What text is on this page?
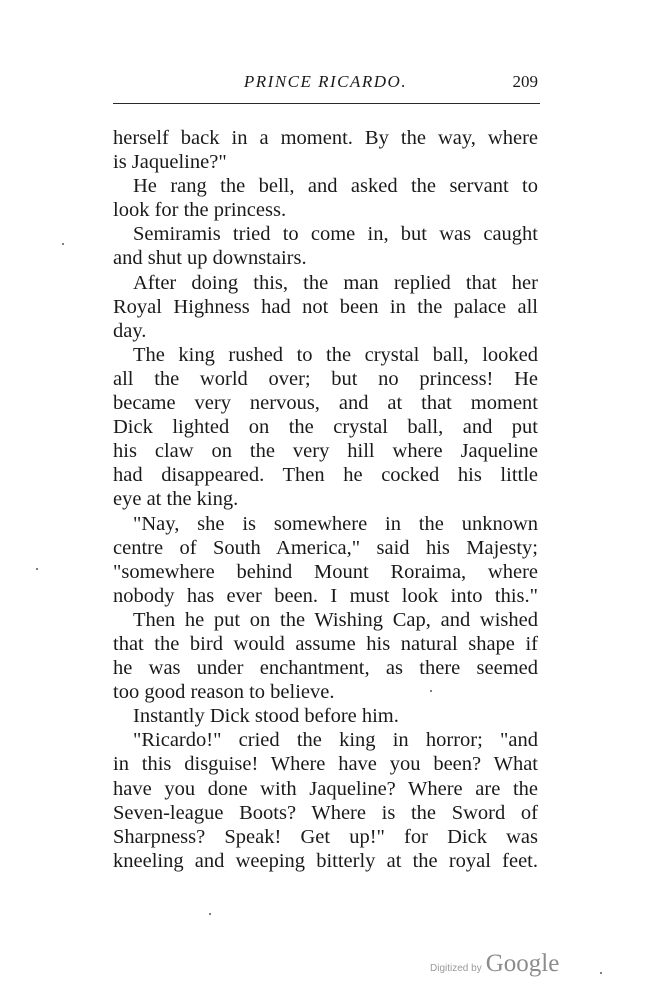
PRINCE RICARDO.	209
herself back in a moment. By the way, where
is Jaqueline?"
He rang the bell, and asked the servant to
look for the princess.
Semiramis tried to come in, but was caught
and shut up downstairs.
After doing this, the man replied that her
Royal Highness had not been in the palace all
day.
The king rushed to the crystal ball, looked
all the world over; but no princess! He
became very nervous, and at that moment
Dick lighted on the crystal ball, and put
his claw on the very hill where Jaqueline
had disappeared. Then he cocked his little
eye at the king.
"Nay, she is somewhere in the unknown
centre of South America," said his Majesty;
"somewhere behind Mount Roraima, where
nobody has ever been. I must look into this."
Then he put on the Wishing Cap, and wished
that the bird would assume his natural shape if
he was under enchantment, as there seemed
too good reason to believe.
Instantly Dick stood before him.
"Ricardo!" cried the king in horror; "and
in this disguise! Where have you been? What
have you done with Jaqueline? Where are the
Seven-league Boots? Where is the Sword of
Sharpness? Speak! Get up!" for Dick was
kneeling and weeping bitterly at the royal feet.
Digitized by Google
